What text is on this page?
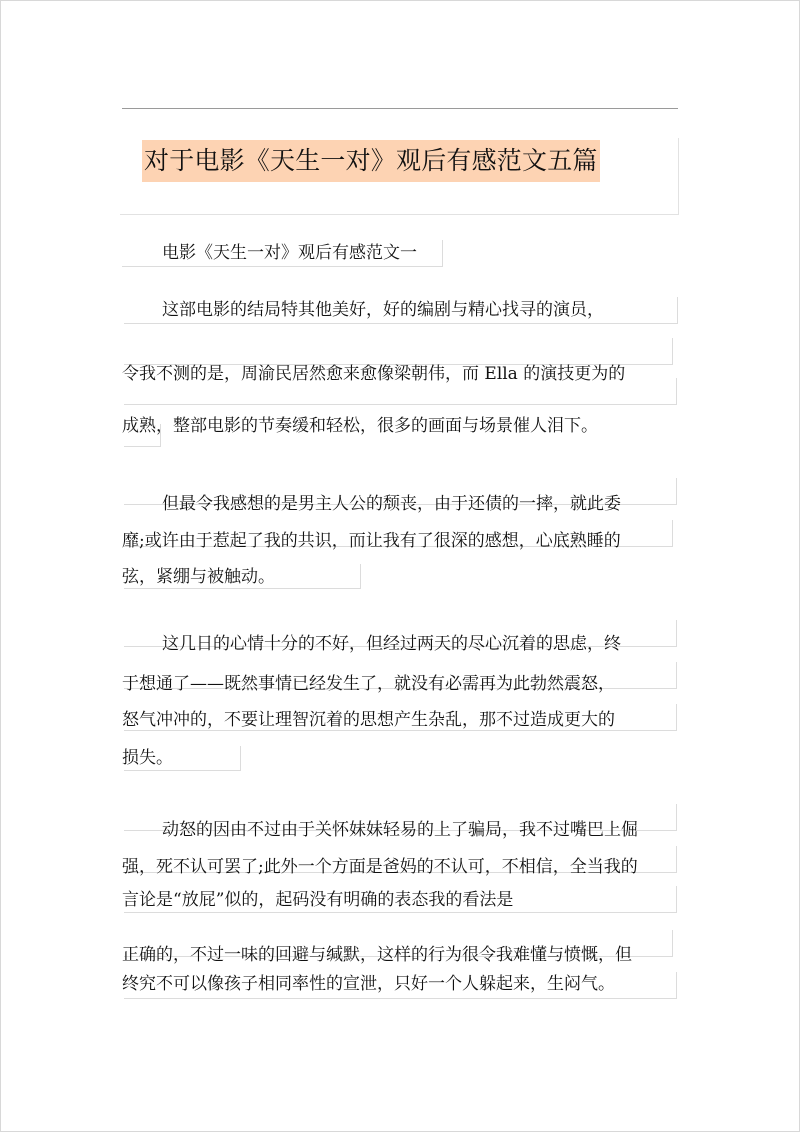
对于电影《天生一对》观后有感范文五篇
电影《天生一对》观后有感范文一
这部电影的结局特其他美好，好的编剧与精心找寻的演员，
令我不测的是，周渝民居然愈来愈像梁朝伟，而 Ella 的演技更为的
成熟，整部电影的节奏缓和轻松，很多的画面与场景催人泪下。
但最令我感想的是男主人公的颓丧，由于还债的一摔，就此委
靡;或许由于惹起了我的共识，而让我有了很深的感想，心底熟睡的
弦，紧绷与被触动。
这几日的心情十分的不好，但经过两天的尽心沉着的思虑，终
于想通了——既然事情已经发生了，就没有必需再为此勃然震怒，
怒气冲冲的，不要让理智沉着的思想产生杂乱，那不过造成更大的
损失。
动怒的因由不过由于关怀妹妹轻易的上了骗局，我不过嘴巴上倔
强，死不认可罢了;此外一个方面是爸妈的不认可，不相信，全当我的
言论是“放屁”似的，起码没有明确的表态我的看法是
正确的，不过一味的回避与缄默，这样的行为很令我难懂与愤慨，但
终究不可以像孩子相同率性的宣泄，只好一个人躲起来，生闷气。
